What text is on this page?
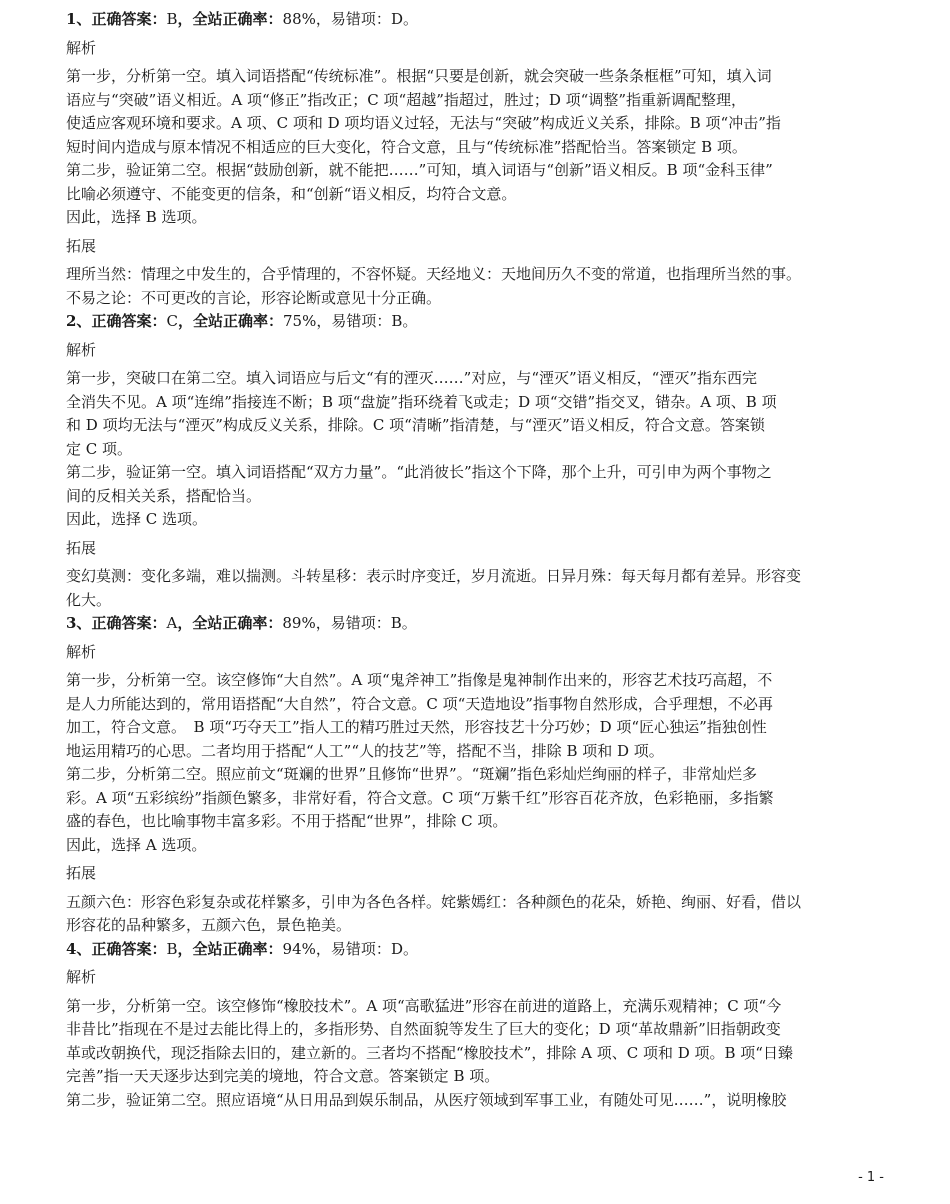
1、正确答案：B，全站正确率：88%，易错项：D。
解析
第一步，分析第一空。填入词语搭配“传统标准”。根据“只要是创新，就会突破一些条条框框”可知，填入词
语应与“突破”语义相近。A 项“修正”指改正；C 项“超越”指超过，胜过；D 项“调整”指重新调配整理，
使适应客观环境和要求。A 项、C 项和 D 项均语义过轻，无法与“突破”构成近义关系，排除。B 项“冲击”指
短时间内造成与原本情况不相适应的巨大变化，符合文意，且与“传统标准”搭配恰当。答案锁定 B 项。
第二步，验证第二空。根据“鼓励创新，就不能把……”可知，填入词语与“创新”语义相反。B 项“金科玉律”
比喻必须遵守、不能变更的信条，和“创新“语义相反，均符合文意。
因此，选择 B 选项。
拓展
理所当然：情理之中发生的，合乎情理的，不容怀疑。天经地义：天地间历久不变的常道，也指理所当然的事。
不易之论：不可更改的言论，形容论断或意见十分正确。
2、正确答案：C，全站正确率：75%，易错项：B。
解析
第一步，突破口在第二空。填入词语应与后文“有的湮灭……”对应，与“湮灭”语义相反，“湮灭”指东西完
全消失不见。A 项“连绵”指接连不断；B 项“盘旋”指环绕着飞或走；D 项“交错”指交叉，错杂。A 项、B 项
和 D 项均无法与“湮灭”构成反义关系，排除。C 项“清晰”指清楚，与“湮灭”语义相反，符合文意。答案锁
定 C 项。
第二步，验证第一空。填入词语搭配“双方力量”。“此消彼长”指这个下降，那个上升，可引申为两个事物之
间的反相关关系，搭配恰当。
因此，选择 C 选项。
拓展
变幻莫测：变化多端，难以揣测。斗转星移：表示时序变迁，岁月流逝。日异月殊：每天每月都有差异。形容变
化大。
3、正确答案：A，全站正确率：89%，易错项：B。
解析
第一步，分析第一空。该空修饰“大自然”。A 项“鬼斧神工”指像是鬼神制作出来的，形容艺术技巧高超，不
是人力所能达到的，常用语搭配“大自然”，符合文意。C 项“天造地设”指事物自然形成，合乎理想，不必再
加工，符合文意。　B 项“巧夺天工”指人工的精巧胜过天然，形容技艺十分巧妙；D 项“匠心独运”指独创性
地运用精巧的心思。二者均用于搭配“人工”“人的技艺”等，搭配不当，排除 B 项和 D 项。
第二步，分析第二空。照应前文“斑斓的世界”且修饰“世界”。“斑斓”指色彩灿烂绚丽的样子，非常灿烂多
彩。A 项“五彩缤纷”指颜色繁多，非常好看，符合文意。C 项“万紫千红”形容百花齐放，色彩艳丽，多指繁
盛的春色，也比喻事物丰富多彩。不用于搭配“世界”，排除 C 项。
因此，选择 A 选项。
拓展
五颜六色：形容色彩复杂或花样繁多，引申为各色各样。姹紫嫣红：各种颜色的花朵，娇艳、绚丽、好看，借以
形容花的品种繁多，五颜六色，景色艳美。
4、正确答案：B，全站正确率：94%，易错项：D。
解析
第一步，分析第一空。该空修饰“橡胶技术”。A 项“高歌猛进”形容在前进的道路上，充满乐观精神；C 项“今
非昔比”指现在不是过去能比得上的，多指形势、自然面貌等发生了巨大的变化；D 项“革故鼎新”旧指朝政变
革或改朝换代，现泛指除去旧的，建立新的。三者均不搭配“橡胶技术”，排除 A 项、C 项和 D 项。B 项“日臻
完善”指一天天逐步达到完美的境地，符合文意。答案锁定 B 项。
第二步，验证第二空。照应语境“从日用品到娱乐制品，从医疗领域到军事工业，有随处可见……”，说明橡胶
- 1 -
